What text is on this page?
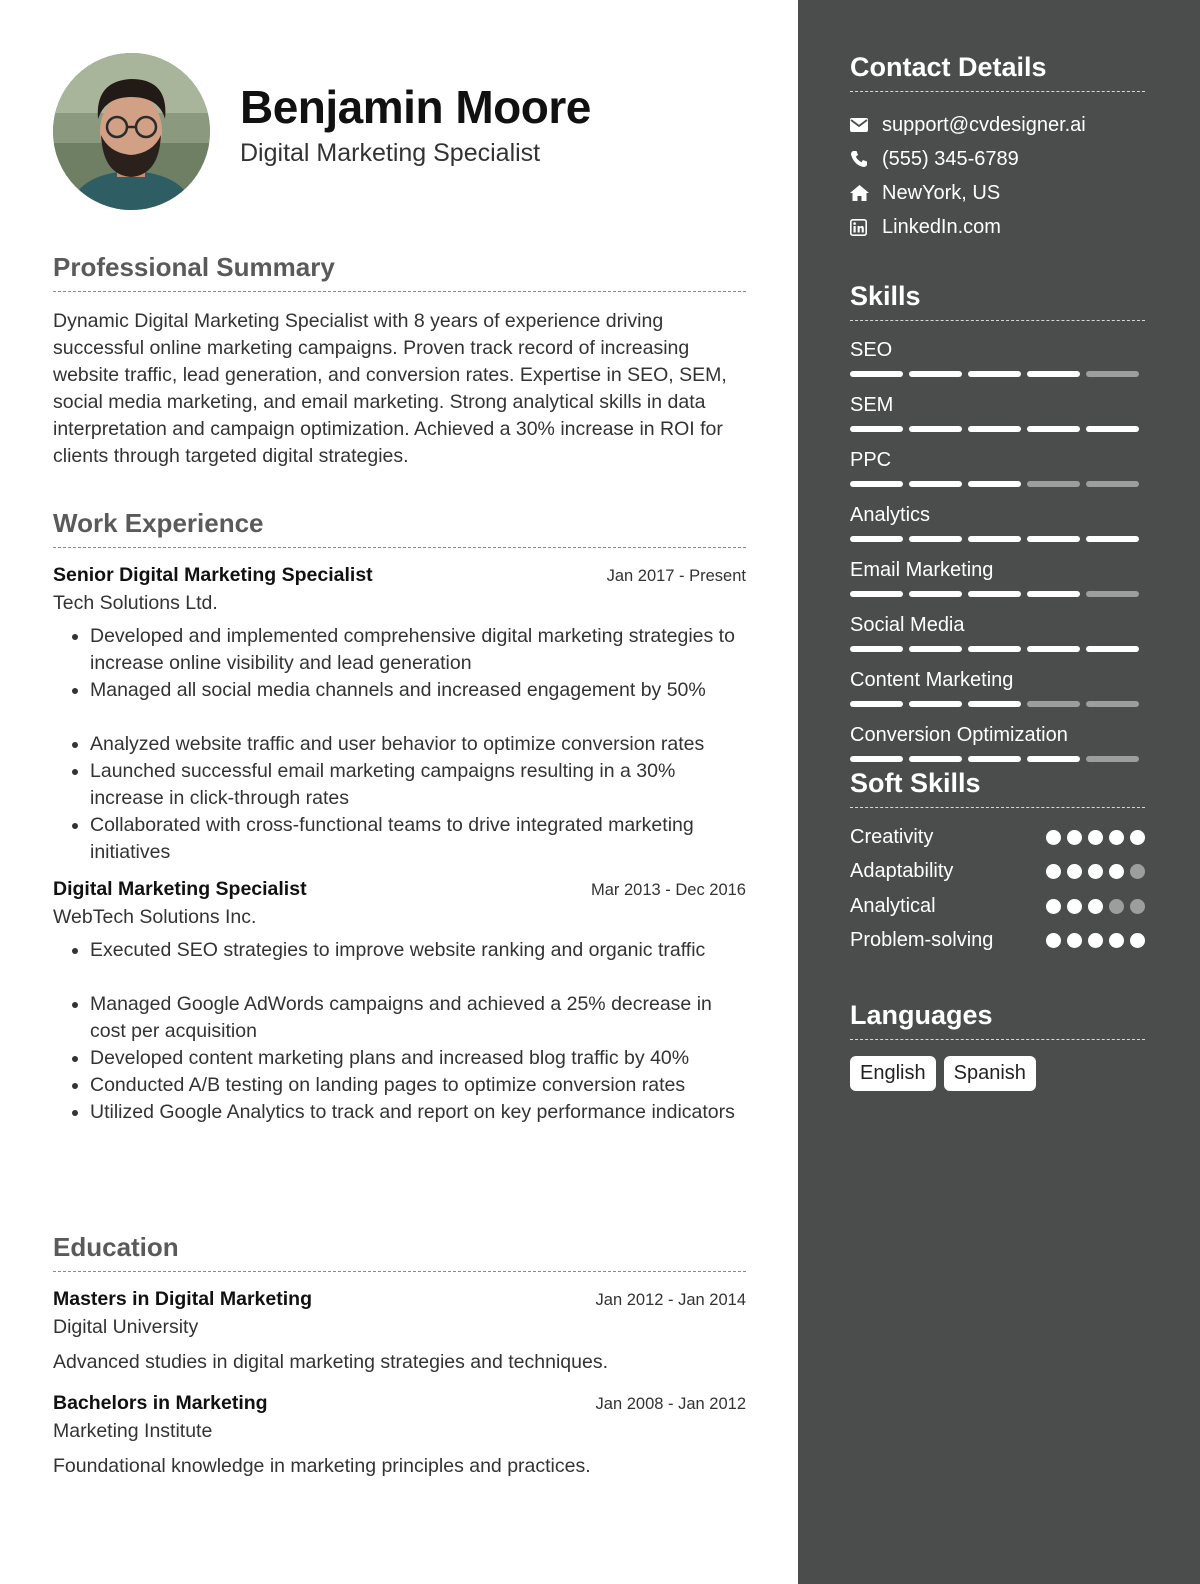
Benjamin Moore
Digital Marketing Specialist
Professional Summary
Dynamic Digital Marketing Specialist with 8 years of experience driving successful online marketing campaigns. Proven track record of increasing website traffic, lead generation, and conversion rates. Expertise in SEO, SEM, social media marketing, and email marketing. Strong analytical skills in data interpretation and campaign optimization. Achieved a 30% increase in ROI for clients through targeted digital strategies.
Work Experience
Senior Digital Marketing Specialist	Jan 2017 - Present
Tech Solutions Ltd.
• Developed and implemented comprehensive digital marketing strategies to increase online visibility and lead generation
• Managed all social media channels and increased engagement by 50%
• Analyzed website traffic and user behavior to optimize conversion rates
• Launched successful email marketing campaigns resulting in a 30% increase in click-through rates
• Collaborated with cross-functional teams to drive integrated marketing initiatives
Digital Marketing Specialist	Mar 2013 - Dec 2016
WebTech Solutions Inc.
• Executed SEO strategies to improve website ranking and organic traffic
• Managed Google AdWords campaigns and achieved a 25% decrease in cost per acquisition
• Developed content marketing plans and increased blog traffic by 40%
• Conducted A/B testing on landing pages to optimize conversion rates
• Utilized Google Analytics to track and report on key performance indicators
Education
Masters in Digital Marketing	Jan 2012 - Jan 2014
Digital University
Advanced studies in digital marketing strategies and techniques.
Bachelors in Marketing	Jan 2008 - Jan 2012
Marketing Institute
Foundational knowledge in marketing principles and practices.
Contact Details
support@cvdesigner.ai
(555) 345-6789
NewYork, US
LinkedIn.com
Skills
SEO
SEM
PPC
Analytics
Email Marketing
Social Media
Content Marketing
Conversion Optimization
Soft Skills
Creativity
Adaptability
Analytical
Problem-solving
Languages
English	Spanish
